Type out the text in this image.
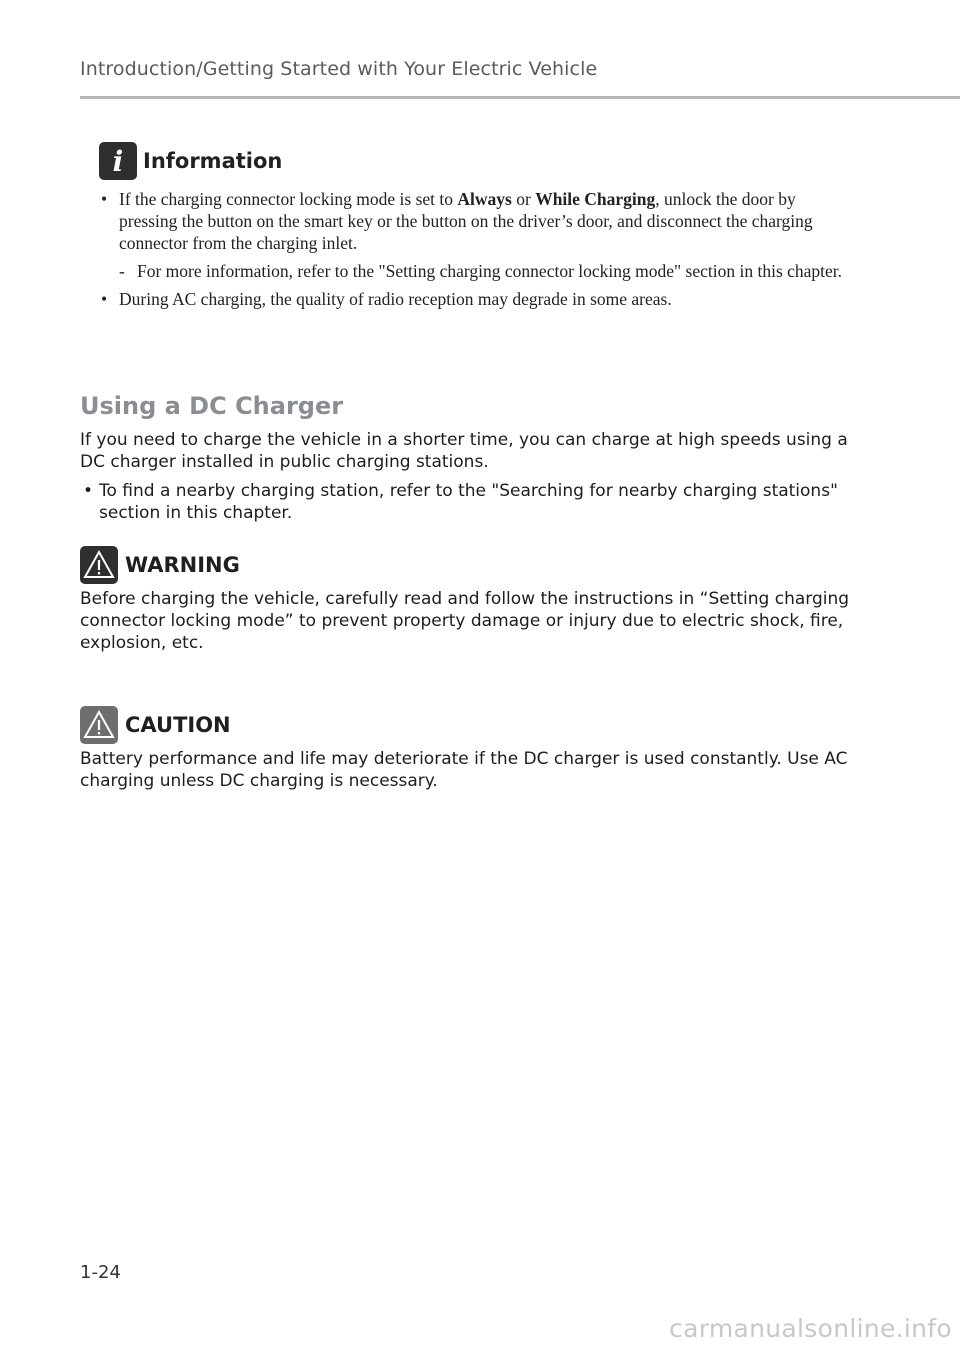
Introduction/Getting Started with Your Electric Vehicle
i Information
• If the charging connector locking mode is set to Always or While Charging, unlock the door by pressing the button on the smart key or the button on the driver’s door, and disconnect the charging connector from the charging inlet.
- For more information, refer to the "Setting charging connector locking mode" section in this chapter.
• During AC charging, the quality of radio reception may degrade in some areas.
Using a DC Charger
If you need to charge the vehicle in a shorter time, you can charge at high speeds using a DC charger installed in public charging stations.
• To find a nearby charging station, refer to the "Searching for nearby charging stations" section in this chapter.
WARNING
Before charging the vehicle, carefully read and follow the instructions in “Setting charging connector locking mode” to prevent property damage or injury due to electric shock, fire, explosion, etc.
CAUTION
Battery performance and life may deteriorate if the DC charger is used constantly. Use AC charging unless DC charging is necessary.
1-24
carmanualsonline.info
